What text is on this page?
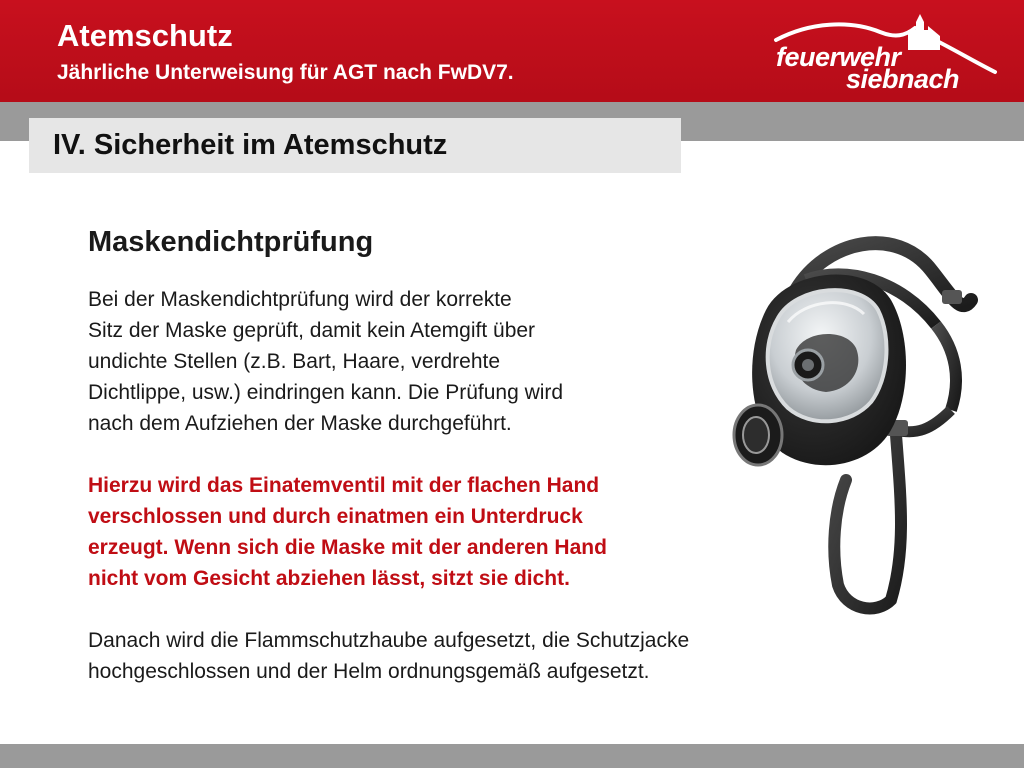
Atemschutz
Jährliche Unterweisung für AGT nach FwDV7.
feuerwehr
siebnach
IV. Sicherheit im Atemschutz
Maskendichtprüfung

Bei der Maskendichtprüfung wird der korrekte
Sitz der Maske geprüft, damit kein Atemgift über
undichte Stellen (z.B. Bart, Haare, verdrehte
Dichtlippe, usw.) eindringen kann. Die Prüfung wird
nach dem Aufziehen der Maske durchgeführt.

Hierzu wird das Einatemventil mit der flachen Hand
verschlossen und durch einatmen ein Unterdruck
erzeugt. Wenn sich die Maske mit der anderen Hand
nicht vom Gesicht abziehen lässt, sitzt sie dicht.

Danach wird die Flammschutzhaube aufgesetzt, die Schutzjacke
hochgeschlossen und der Helm ordnungsgemäß aufgesetzt.
